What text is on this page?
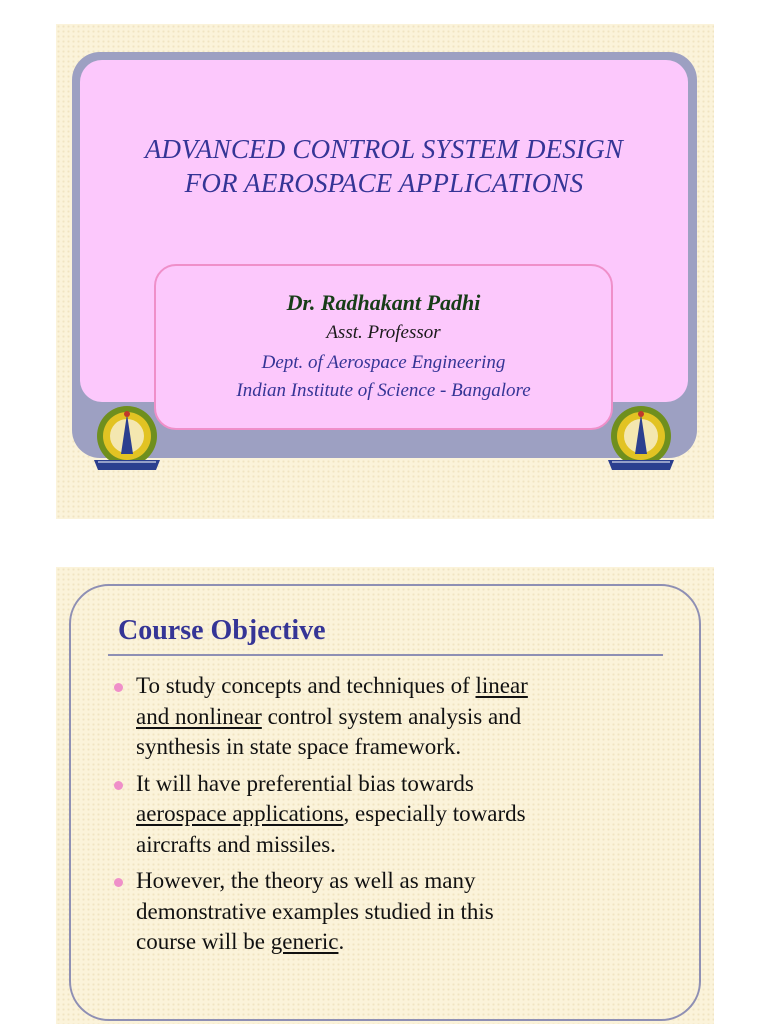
ADVANCED CONTROL SYSTEM DESIGN
FOR AEROSPACE APPLICATIONS
Dr. Radhakant Padhi
Asst. Professor
Dept. of Aerospace Engineering
Indian Institute of Science - Bangalore
Course Objective
To study concepts and techniques of linear and nonlinear control system analysis and synthesis in state space framework.
It will have preferential bias towards aerospace applications, especially towards aircrafts and missiles.
However, the theory as well as many demonstrative examples studied in this course will be generic.
